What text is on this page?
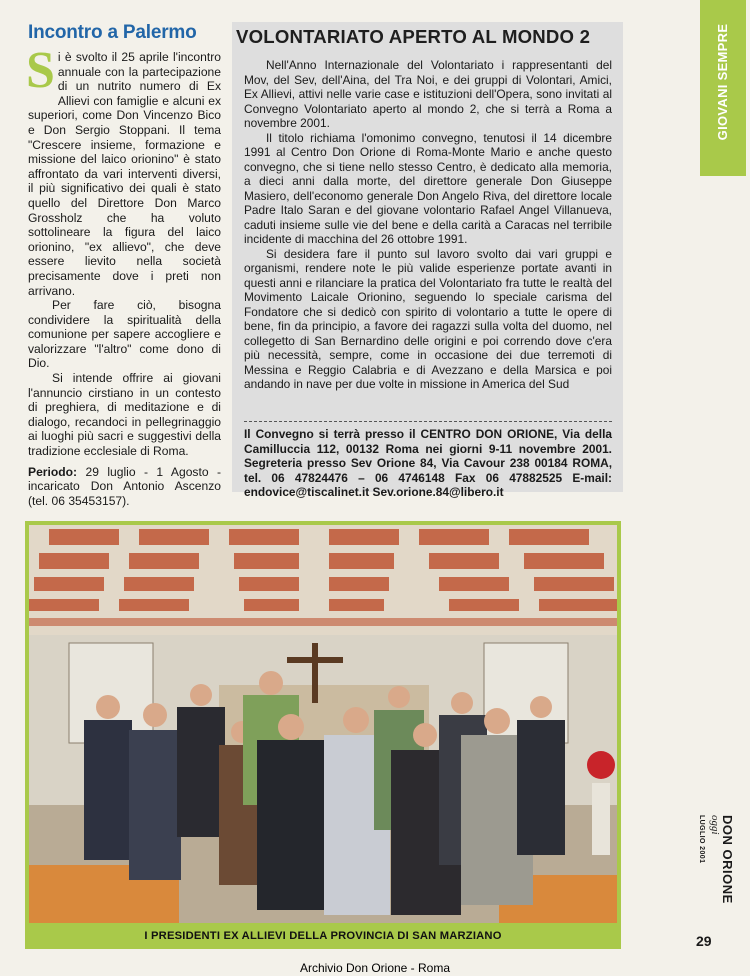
Incontro a Palermo

Si è svolto il 25 aprile l'incontro annuale con la partecipazione di un nutrito numero di Ex Allievi con famiglie e alcuni ex superiori, come Don Vincenzo Bico e Don Sergio Stoppani. Il tema "Crescere insieme, formazione e missione del laico orionino" è stato affrontato da vari interventi diversi, il più significativo dei quali è stato quello del Direttore Don Marco Grossholz che ha voluto sottolineare la figura del laico orionino, "ex allievo", che deve essere lievito nella società precisamente dove i preti non arrivano.

Per fare ciò, bisogna condividere la spiritualità della comunione per sapere accogliere e valorizzare "l'altro" come dono di Dio.

Si intende offrire ai giovani l'annuncio cirstiano in un contesto di preghiera, di meditazione e di dialogo, recandoci in pellegrinaggio ai luoghi più sacri e suggestivi della tradizione ecclesiale di Roma.

Periodo: 29 luglio - 1 Agosto - incaricato Don Antonio Ascenzo (tel. 06 35453157).

VOLONTARIATO APERTO AL MONDO 2

Nell'Anno Internazionale del Volontariato i rappresentanti del Mov, del Sev, dell'Aina, del Tra Noi, e dei gruppi di Volontari, Amici, Ex Allievi, attivi nelle varie case e istituzioni dell'Opera, sono invitati al Convegno Volontariato aperto al mondo 2, che si terrà a Roma a novembre 2001.

Il titolo richiama l'omonimo convegno, tenutosi il 14 dicembre 1991 al Centro Don Orione di Roma-Monte Mario e anche questo convegno, che si tiene nello stesso Centro, è dedicato alla memoria, a dieci anni dalla morte, del direttore generale Don Giuseppe Masiero, dell'economo generale Don Angelo Riva, del direttore locale Padre Italo Saran e del giovane volontario Rafael Angel Villanueva, caduti insieme sulle vie del bene e della carità a Caracas nel terribile incidente di macchina del 26 ottobre 1991.

Si desidera fare il punto sul lavoro svolto dai vari gruppi e organismi, rendere note le più valide esperienze portate avanti in questi anni e rilanciare la pratica del Volontariato fra tutte le realtà del Movimento Laicale Orionino, seguendo lo speciale carisma del Fondatore che si dedicò con spirito di volontario a tutte le opere di bene, fin da principio, a favore dei ragazzi sulla volta del duomo, nel collegetto di San Bernardino delle origini e poi correndo dove c'era più necessità, sempre, come in occasione dei due terremoti di Messina e Reggio Calabria e di Avezzano e della Marsica e poi andando in nave per due volte in missione in America del Sud

Il Convegno si terrà presso il CENTRO DON ORIONE, Via della Camilluccia 112, 00132 Roma nei giorni 9-11 novembre 2001. Segreteria presso Sev Orione 84, Via Cavour 238 00184 ROMA, tel. 06 47824476 – 06 4746148 Fax 06 47882525 E-mail: endovice@tiscalinet.it Sev.orione.84@libero.it
GIOVANI SEMPRE
DON ORIONE
oggi
LUGLIO 2001
29
I PRESIDENTI EX ALLIEVI DELLA PROVINCIA DI SAN MARZIANO
Archivio Don Orione - Roma
